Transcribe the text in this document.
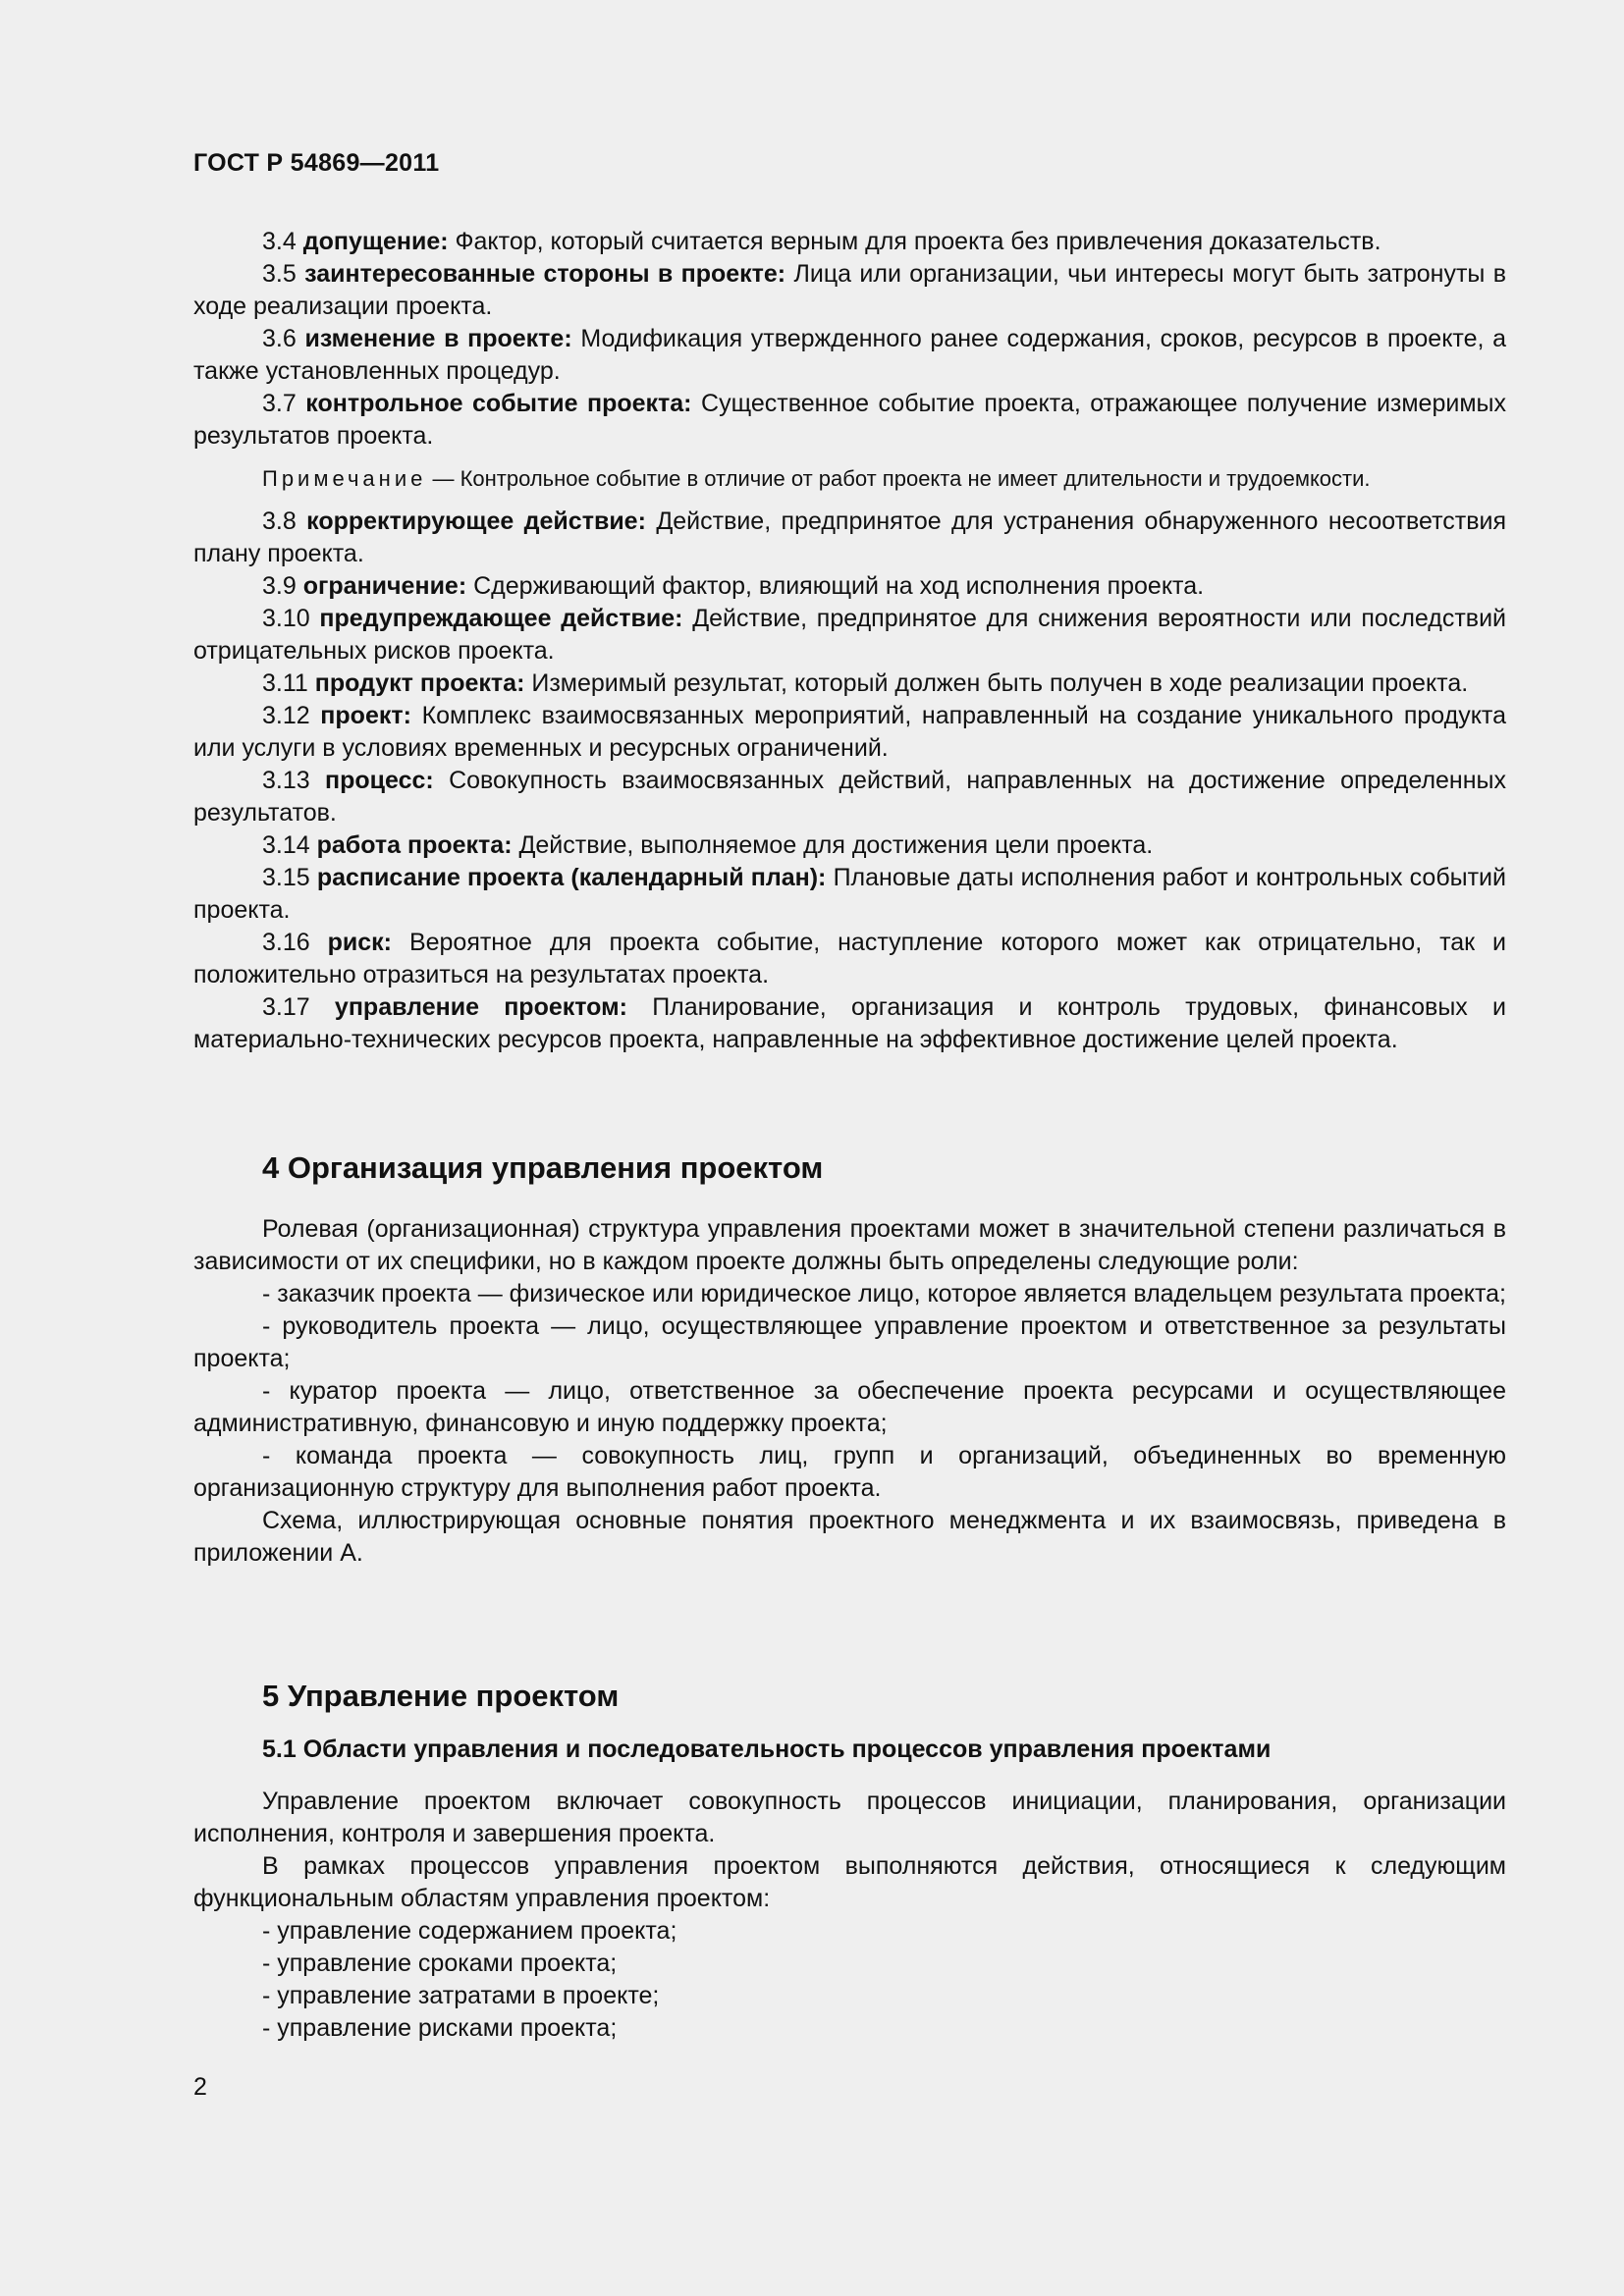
ГОСТ Р 54869—2011

3.4 допущение: Фактор, который считается верным для проекта без привлечения доказательств.

3.5 заинтересованные стороны в проекте: Лица или организации, чьи интересы могут быть затронуты в ходе реализации проекта.

3.6 изменение в проекте: Модификация утвержденного ранее содержания, сроков, ресурсов в проекте, а также установленных процедур.

3.7 контрольное событие проекта: Существенное событие проекта, отражающее получение измеримых результатов проекта.

Примечание — Контрольное событие в отличие от работ проекта не имеет длительности и трудоемкости.

3.8 корректирующее действие: Действие, предпринятое для устранения обнаруженного несоответствия плану проекта.

3.9 ограничение: Сдерживающий фактор, влияющий на ход исполнения проекта.

3.10 предупреждающее действие: Действие, предпринятое для снижения вероятности или последствий отрицательных рисков проекта.

3.11 продукт проекта: Измеримый результат, который должен быть получен в ходе реализации проекта.

3.12 проект: Комплекс взаимосвязанных мероприятий, направленный на создание уникального продукта или услуги в условиях временных и ресурсных ограничений.

3.13 процесс: Совокупность взаимосвязанных действий, направленных на достижение определенных результатов.

3.14 работа проекта: Действие, выполняемое для достижения цели проекта.

3.15 расписание проекта (календарный план): Плановые даты исполнения работ и контрольных событий проекта.

3.16 риск: Вероятное для проекта событие, наступление которого может как отрицательно, так и положительно отразиться на результатах проекта.

3.17 управление проектом: Планирование, организация и контроль трудовых, финансовых и материально-технических ресурсов проекта, направленные на эффективное достижение целей проекта.

4 Организация управления проектом

Ролевая (организационная) структура управления проектами может в значительной степени различаться в зависимости от их специфики, но в каждом проекте должны быть определены следующие роли:

- заказчик проекта — физическое или юридическое лицо, которое является владельцем результата проекта;

- руководитель проекта — лицо, осуществляющее управление проектом и ответственное за результаты проекта;

- куратор проекта — лицо, ответственное за обеспечение проекта ресурсами и осуществляющее административную, финансовую и иную поддержку проекта;

- команда проекта — совокупность лиц, групп и организаций, объединенных во временную организационную структуру для выполнения работ проекта.

Схема, иллюстрирующая основные понятия проектного менеджмента и их взаимосвязь, приведена в приложении А.

5 Управление проектом
5.1 Области управления и последовательность процессов управления проектами

Управление проектом включает совокупность процессов инициации, планирования, организации исполнения, контроля и завершения проекта.

В рамках процессов управления проектом выполняются действия, относящиеся к следующим функциональным областям управления проектом:

- управление содержанием проекта;

- управление сроками проекта;

- управление затратами в проекте;

- управление рисками проекта;

2
